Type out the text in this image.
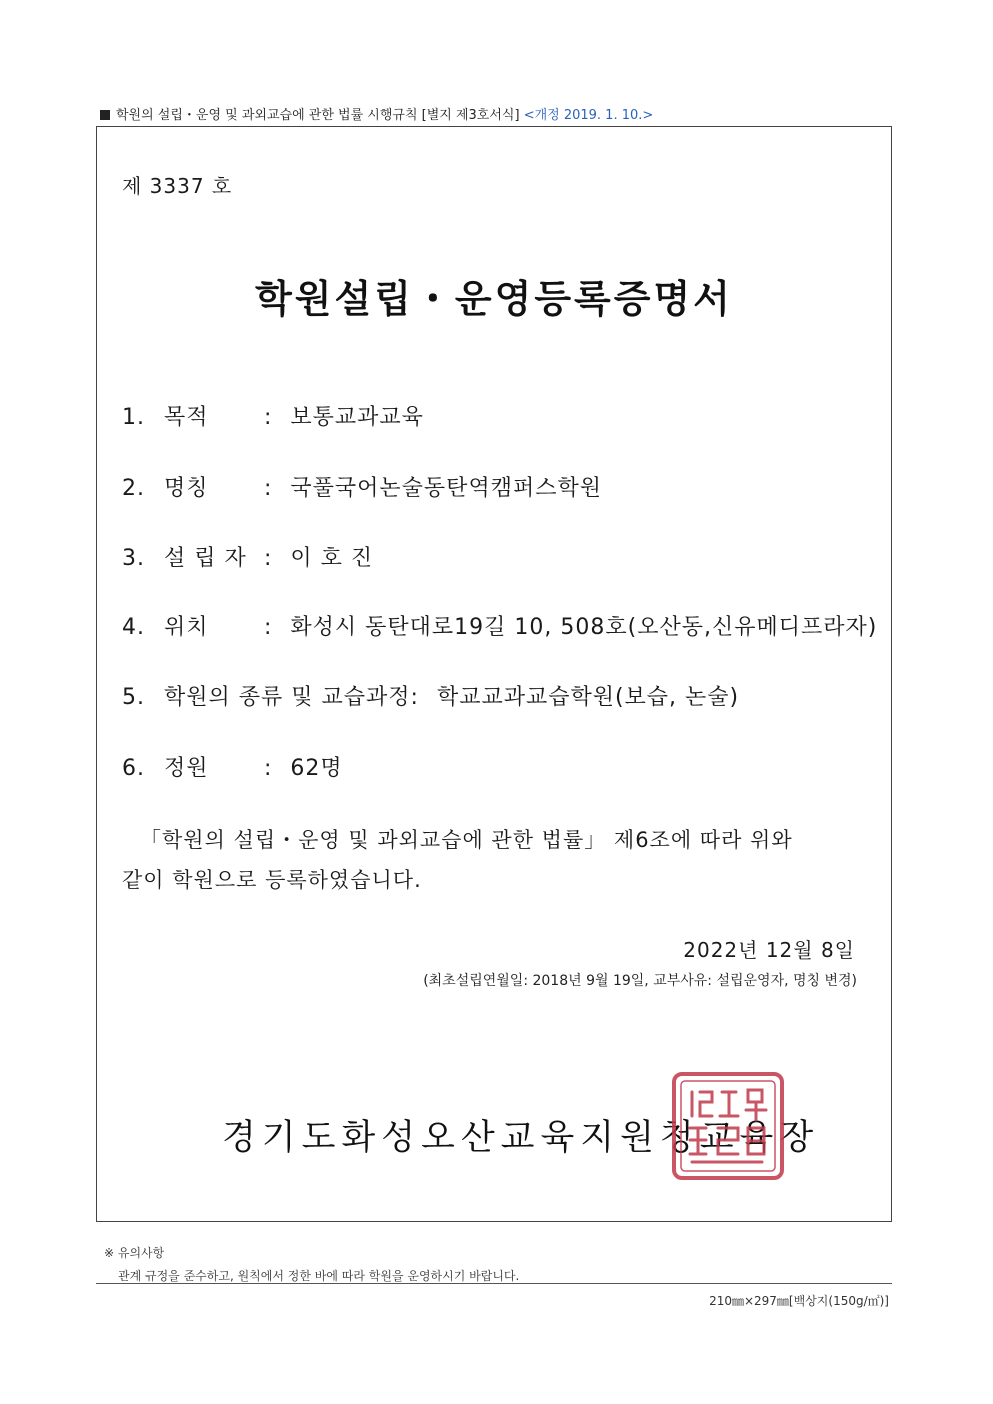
학원의 설립・운영 및 과외교습에 관한 법률 시행규칙 [별지 제3호서식] <개정 2019. 1. 10.>
제 3337 호
학원설립・운영등록증명서
1. 목적	: 보통교과교육
2. 명칭	: 국풀국어논술동탄역캠퍼스학원
3. 설 립 자 : 이 호 진
4. 위치	: 화성시 동탄대로19길 10, 508호(오산동,신유메디프라자)
5. 학원의 종류 및 교습과정: 학교교과교습학원(보습, 논술)
6. 정원	: 62명
「학원의 설립・운영 및 과외교습에 관한 법률」 제6조에 따라 위와
같이 학원으로 등록하였습니다.
2022년 12월 8일
(최초설립연월일: 2018년 9월 19일, 교부사유: 설립운영자, 명칭 변경)
경기도화성오산교육지원청교육장
※ 유의사항
관계 규정을 준수하고, 원칙에서 정한 바에 따라 학원을 운영하시기 바랍니다.
210㎜×297㎜[백상지(150g/㎡)]
